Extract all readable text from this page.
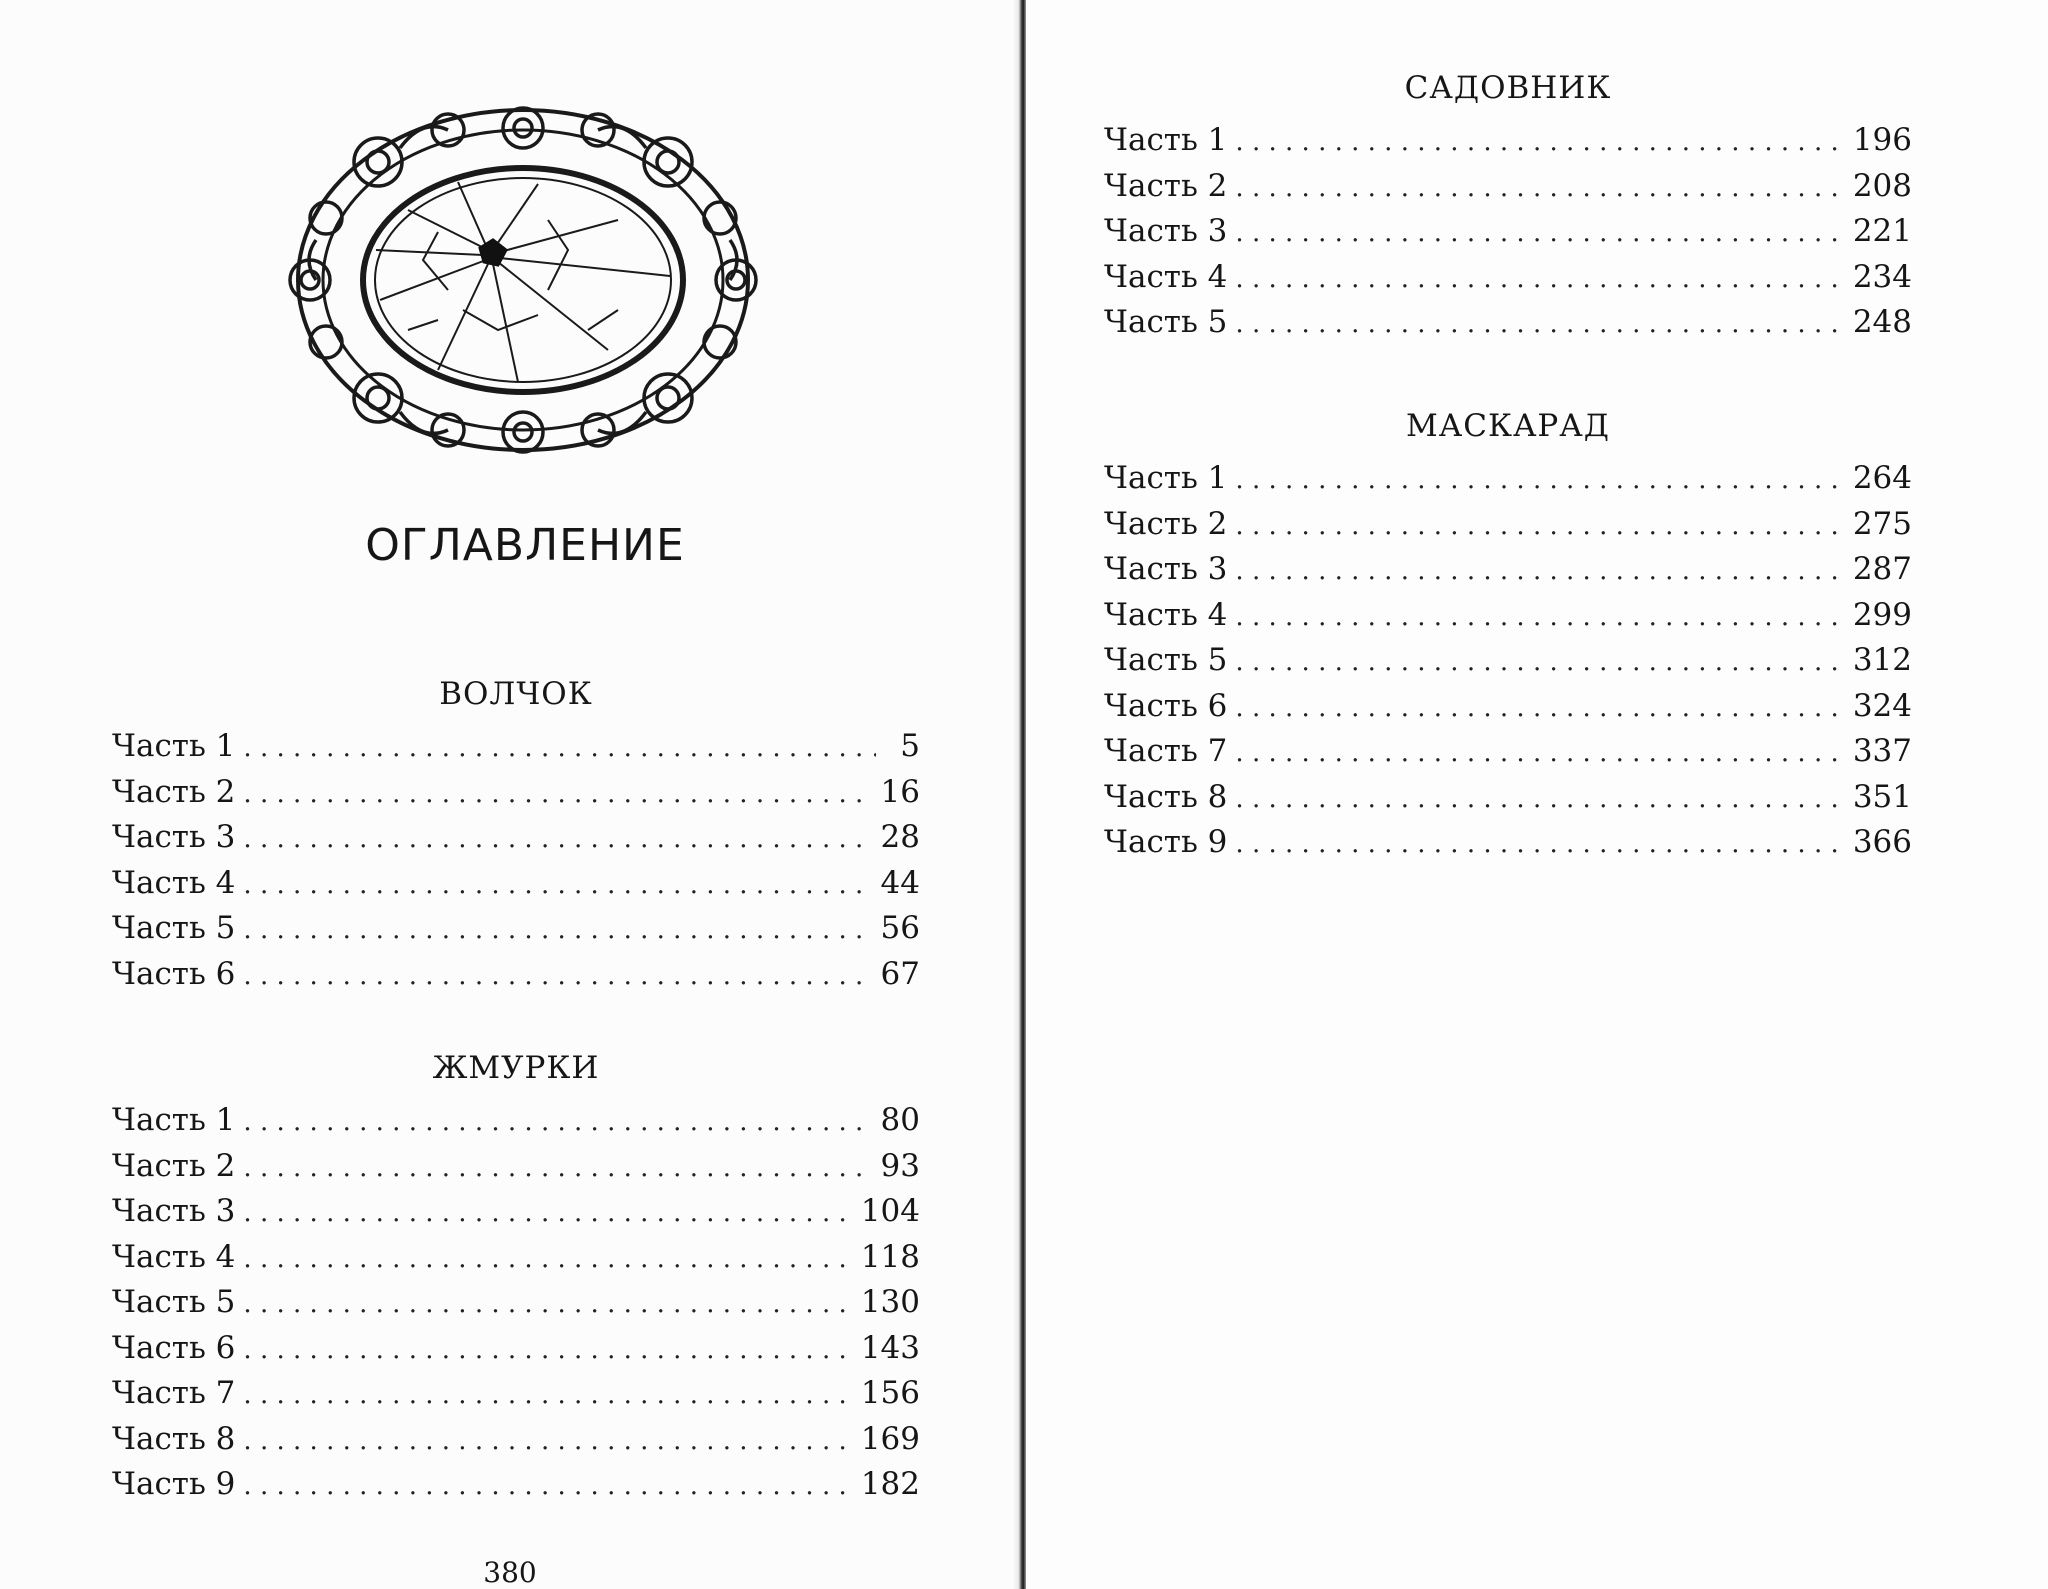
ОГЛАВЛЕНИЕ
ВОЛЧОК
Часть 1 . . .	5
Часть 2 . . .	16
Часть 3 . . .	28
Часть 4 . . .	44
Часть 5 . . .	56
Часть 6 . . .	67
ЖМУРКИ
Часть 1 . . .	80
Часть 2 . . .	93
Часть 3 . . .	104
Часть 4 . . .	118
Часть 5 . . .	130
Часть 6 . . .	143
Часть 7 . . .	156
Часть 8 . . .	169
Часть 9 . . .	182
380
САДОВНИК
Часть 1 . . .	196
Часть 2 . . .	208
Часть 3 . . .	221
Часть 4 . . .	234
Часть 5 . . .	248
МАСКАРАД
Часть 1 . . .	264
Часть 2 . . .	275
Часть 3 . . .	287
Часть 4 . . .	299
Часть 5 . . .	312
Часть 6 . . .	324
Часть 7 . . .	337
Часть 8 . . .	351
Часть 9 . . .	366
